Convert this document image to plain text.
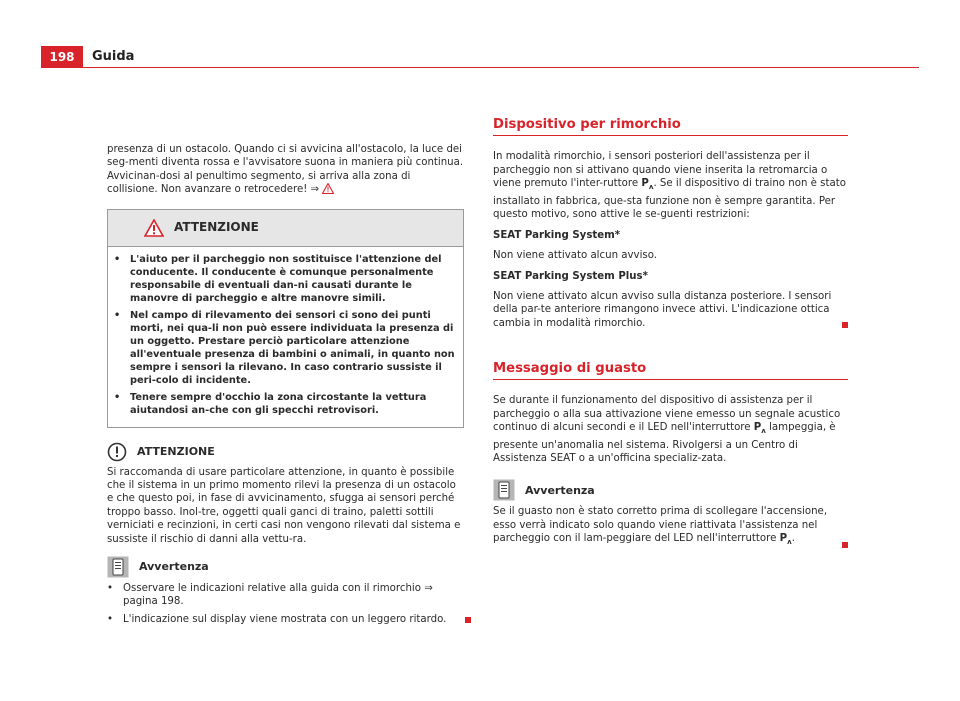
198	Guida

presenza di un ostacolo. Quando ci si avvicina all'ostacolo, la luce dei seg-menti diventa rossa e l'avvisatore suona in maniera più continua. Avvicinan-dosi al penultimo segmento, si arriva alla zona di collisione. Non avanzare o retrocedere! ⇒

ATTENZIONE
• L'aiuto per il parcheggio non sostituisce l'attenzione del conducente. Il conducente è comunque personalmente responsabile di eventuali dan-ni causati durante le manovre di parcheggio e altre manovre simili.
• Nel campo di rilevamento dei sensori ci sono dei punti morti, nei qua-li non può essere individuata la presenza di un oggetto. Prestare perciò particolare attenzione all'eventuale presenza di bambini o animali, in quanto non sempre i sensori la rilevano. In caso contrario sussiste il peri-colo di incidente.
• Tenere sempre d'occhio la zona circostante la vettura aiutandosi an-che con gli specchi retrovisori.
ATTENZIONE

Si raccomanda di usare particolare attenzione, in quanto è possibile che il sistema in un primo momento rilevi la presenza di un ostacolo e che questo poi, in fase di avvicinamento, sfugga ai sensori perché troppo basso. Inol-tre, oggetti quali ganci di traino, paletti sottili verniciati e recinzioni, in certi casi non vengono rilevati dal sistema e sussiste il rischio di danni alla vettu-ra.

Avvertenza
• Osservare le indicazioni relative alla guida con il rimorchio ⇒ pagina 198.
• L'indicazione sul display viene mostrata con un leggero ritardo.
Dispositivo per rimorchio

In modalità rimorchio, i sensori posteriori dell'assistenza per il parcheggio non si attivano quando viene inserita la retromarcia o viene premuto l'inter-ruttore $P_ʌ$. Se il dispositivo di traino non è stato installato in fabbrica, que-sta funzione non è sempre garantita. Per questo motivo, sono attive le se-guenti restrizioni:

SEAT Parking System*

Non viene attivato alcun avviso.

SEAT Parking System Plus*

Non viene attivato alcun avviso sulla distanza posteriore. I sensori della par-te anteriore rimangono invece attivi. L'indicazione ottica cambia in modalità rimorchio.

Messaggio di guasto

Se durante il funzionamento del dispositivo di assistenza per il parcheggio o alla sua attivazione viene emesso un segnale acustico continuo di alcuni secondi e il LED nell'interruttore $P_ʌ$ lampeggia, è presente un'anomalia nel sistema. Rivolgersi a un Centro di Assistenza SEAT o a un'officina specializ-zata.

Avvertenza

Se il guasto non è stato corretto prima di scollegare l'accensione, esso verrà indicato solo quando viene riattivata l'assistenza nel parcheggio con il lam-peggiare del LED nell'interruttore $P_ʌ$.
